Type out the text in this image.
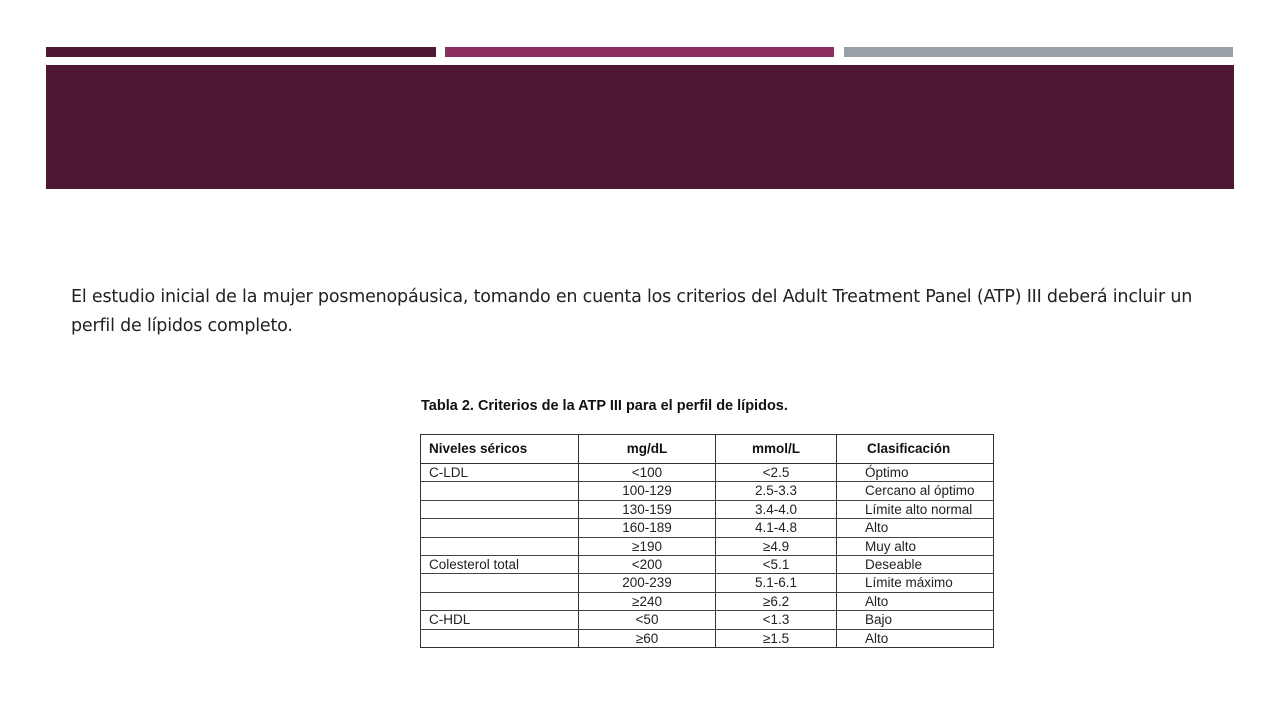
El estudio inicial de la mujer posmenopáusica, tomando en cuenta los criterios del Adult Treatment Panel (ATP) III deberá incluir un perfil de lípidos completo.
Tabla 2. Criterios de la ATP III para el perfil de lípidos.
Niveles séricos	mg/dL	mmol/L	Clasificación
C-LDL	<100	<2.5	Óptimo
	100-129	2.5-3.3	Cercano al óptimo
	130-159	3.4-4.0	Límite alto normal
	160-189	4.1-4.8	Alto
	≥190	≥4.9	Muy alto
Colesterol total	<200	<5.1	Deseable
	200-239	5.1-6.1	Límite máximo
	≥240	≥6.2	Alto
C-HDL	<50	<1.3	Bajo
	≥60	≥1.5	Alto
